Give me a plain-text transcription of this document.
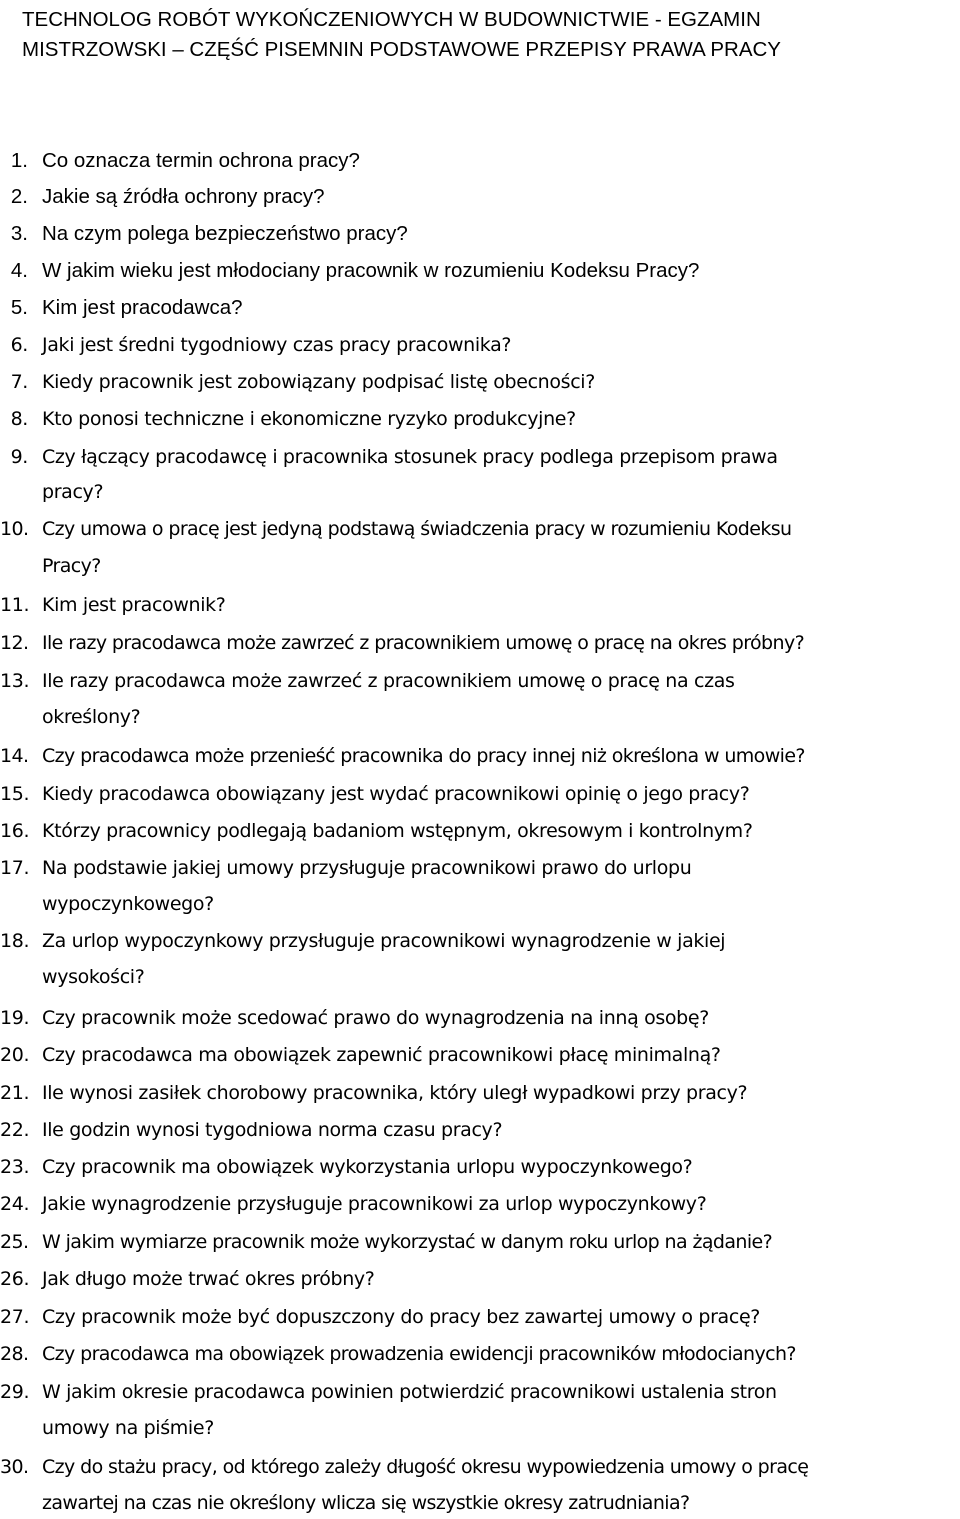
TECHNOLOG ROBÓT WYKOŃCZENIOWYCH W BUDOWNICTWIE - EGZAMIN
MISTRZOWSKI – CZĘŚĆ PISEMNIN PODSTAWOWE PRZEPISY PRAWA PRACY
1. Co oznacza termin ochrona pracy?
2. Jakie są źródła ochrony pracy?
3. Na czym polega bezpieczeństwo pracy?
4. W jakim wieku jest młodociany pracownik w rozumieniu Kodeksu Pracy?
5. Kim jest pracodawca?
6. Jaki jest średni tygodniowy czas pracy pracownika?
7. Kiedy pracownik jest zobowiązany podpisać listę obecności?
8. Kto ponosi techniczne i ekonomiczne ryzyko produkcyjne?
9. Czy łączący pracodawcę i pracownika stosunek pracy podlega przepisom prawa
pracy?
10. Czy umowa o pracę jest jedyną podstawą świadczenia pracy w rozumieniu Kodeksu
Pracy?
11. Kim jest pracownik?
12. Ile razy pracodawca może zawrzeć z pracownikiem umowę o pracę na okres próbny?
13. Ile razy pracodawca może zawrzeć z pracownikiem umowę o pracę na czas
określony?
14. Czy pracodawca może przenieść pracownika do pracy innej niż określona w umowie?
15. Kiedy pracodawca obowiązany jest wydać pracownikowi opinię o jego pracy?
16. Którzy pracownicy podlegają badaniom wstępnym, okresowym i kontrolnym?
17. Na podstawie jakiej umowy przysługuje pracownikowi prawo do urlopu
wypoczynkowego?
18. Za urlop wypoczynkowy przysługuje pracownikowi wynagrodzenie w jakiej
wysokości?
19. Czy pracownik może scedować prawo do wynagrodzenia na inną osobę?
20. Czy pracodawca ma obowiązek zapewnić pracownikowi płacę minimalną?
21. Ile wynosi zasiłek chorobowy pracownika, który uległ wypadkowi przy pracy?
22. Ile godzin wynosi tygodniowa norma czasu pracy?
23. Czy pracownik ma obowiązek wykorzystania urlopu wypoczynkowego?
24. Jakie wynagrodzenie przysługuje pracownikowi za urlop wypoczynkowy?
25. W jakim wymiarze pracownik może wykorzystać w danym roku urlop na żądanie?
26. Jak długo może trwać okres próbny?
27. Czy pracownik może być dopuszczony do pracy bez zawartej umowy o pracę?
28. Czy pracodawca ma obowiązek prowadzenia ewidencji pracowników młodocianych?
29. W jakim okresie pracodawca powinien potwierdzić pracownikowi ustalenia stron
umowy na piśmie?
30. Czy do stażu pracy, od którego zależy długość okresu wypowiedzenia umowy o pracę
zawartej na czas nie określony wlicza się wszystkie okresy zatrudniania?
